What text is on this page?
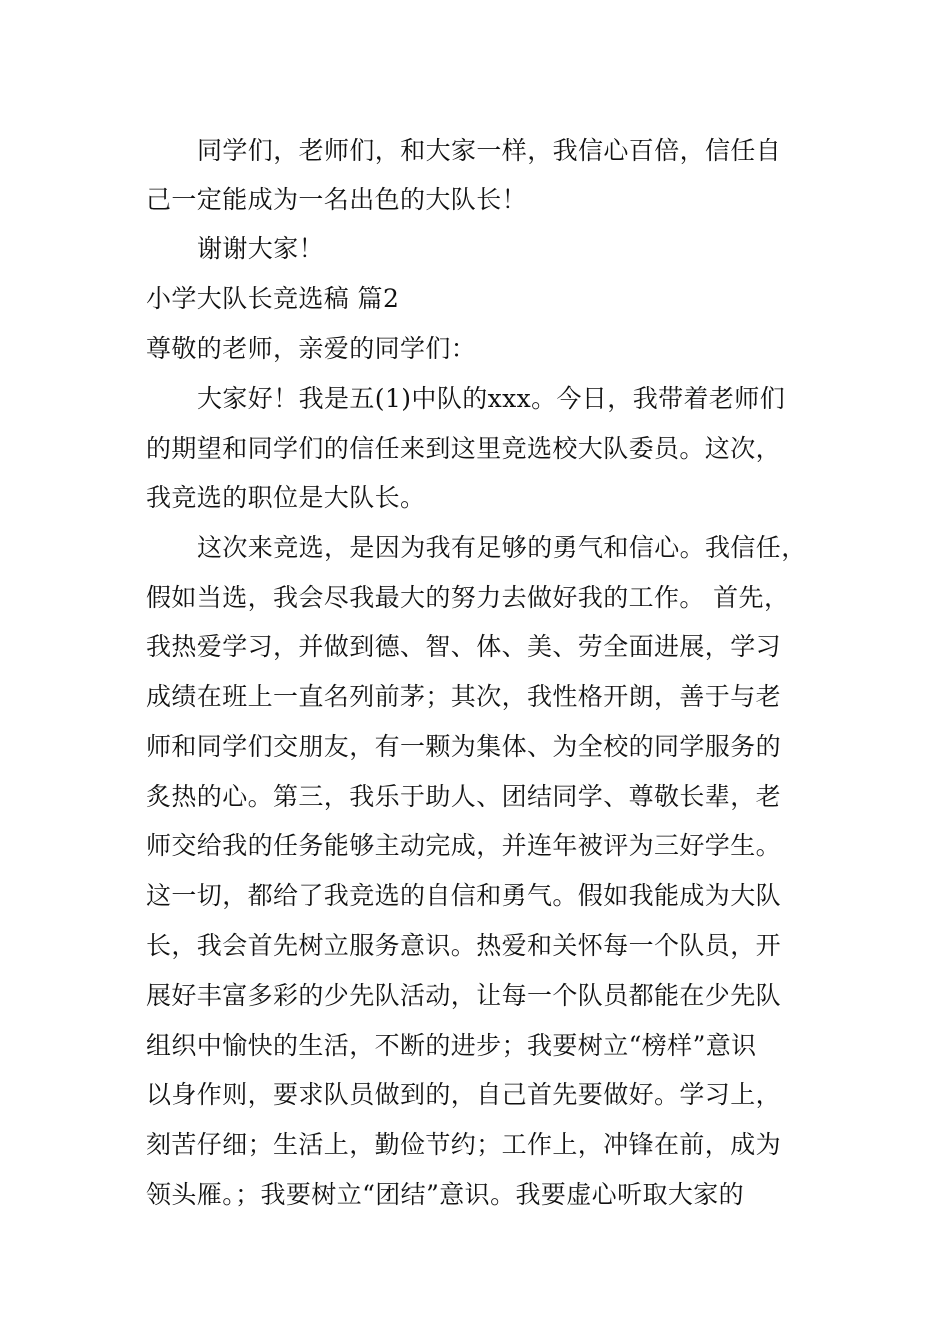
同学们，老师们，和大家一样，我信心百倍，信任自
己一定能成为一名出色的大队长！
谢谢大家！
小学大队长竞选稿 篇2
尊敬的老师，亲爱的同学们：
大家好！我是五(1)中队的xxx。今日，我带着老师们
的期望和同学们的信任来到这里竞选校大队委员。这次，
我竞选的职位是大队长。
这次来竞选，是因为我有足够的勇气和信心。我信任，
假如当选，我会尽我最大的努力去做好我的工作。 首先，
我热爱学习，并做到德、智、体、美、劳全面进展，学习
成绩在班上一直名列前茅；其次，我性格开朗，善于与老
师和同学们交朋友，有一颗为集体、为全校的同学服务的
炙热的心。第三，我乐于助人、团结同学、尊敬长辈，老
师交给我的任务能够主动完成，并连年被评为三好学生。
这一切，都给了我竞选的自信和勇气。假如我能成为大队
长，我会首先树立服务意识。热爱和关怀每一个队员，开
展好丰富多彩的少先队活动，让每一个队员都能在少先队
组织中愉快的生活，不断的进步；我要树立“榜样”意识
以身作则，要求队员做到的，自己首先要做好。学习上，
刻苦仔细；生活上，勤俭节约；工作上，冲锋在前，成为
领头雁。；我要树立“团结”意识。我要虚心听取大家的
